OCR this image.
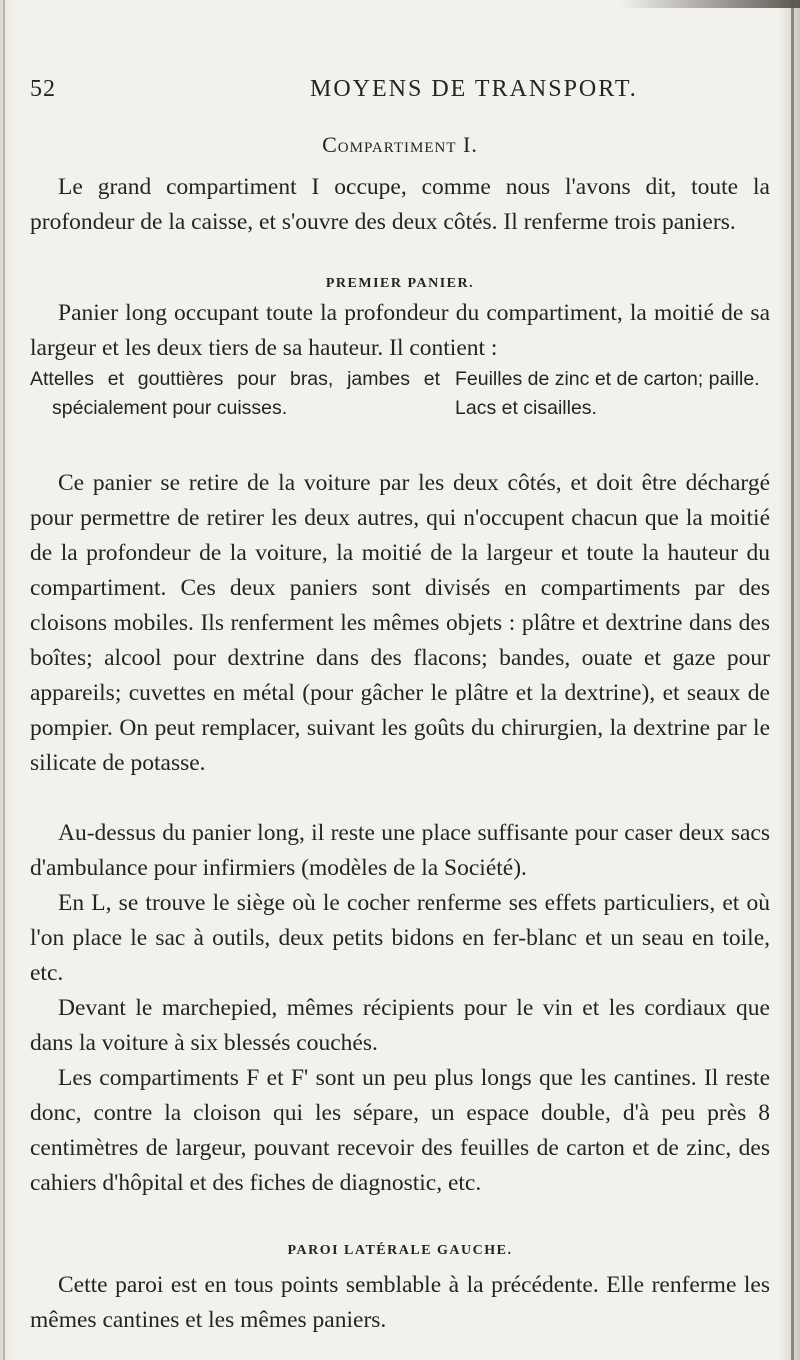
52	MOYENS DE TRANSPORT.
Compartiment I.

Le grand compartiment I occupe, comme nous l'avons dit, toute la profondeur de la caisse, et s'ouvre des deux côtés. Il renferme trois paniers.

PREMIER PANIER.

Panier long occupant toute la profondeur du compartiment, la moitié de sa largeur et les deux tiers de sa hauteur. Il contient :

Attelles et gouttières pour bras, jambes et spécialement pour cuisses.
Feuilles de zinc et de carton; paille.
Lacs et cisailles.

Ce panier se retire de la voiture par les deux côtés, et doit être déchargé pour permettre de retirer les deux autres, qui n'occupent chacun que la moitié de la profondeur de la voiture, la moitié de la largeur et toute la hauteur du compartiment. Ces deux paniers sont divisés en compartiments par des cloisons mobiles. Ils renferment les mêmes objets : plâtre et dextrine dans des boîtes; alcool pour dextrine dans des flacons; bandes, ouate et gaze pour appareils; cuvettes en métal (pour gâcher le plâtre et la dextrine), et seaux de pompier. On peut remplacer, suivant les goûts du chirurgien, la dextrine par le silicate de potasse.

Au-dessus du panier long, il reste une place suffisante pour caser deux sacs d'ambulance pour infirmiers (modèles de la Société).

En L, se trouve le siège où le cocher renferme ses effets particuliers, et où l'on place le sac à outils, deux petits bidons en fer-blanc et un seau en toile, etc.

Devant le marchepied, mêmes récipients pour le vin et les cordiaux que dans la voiture à six blessés couchés.

Les compartiments F et F' sont un peu plus longs que les cantines. Il reste donc, contre la cloison qui les sépare, un espace double, d'à peu près 8 centimètres de largeur, pouvant recevoir des feuilles de carton et de zinc, des cahiers d'hôpital et des fiches de diagnostic, etc.

PAROI LATÉRALE GAUCHE.

Cette paroi est en tous points semblable à la précédente. Elle renferme les mêmes cantines et les mêmes paniers.
